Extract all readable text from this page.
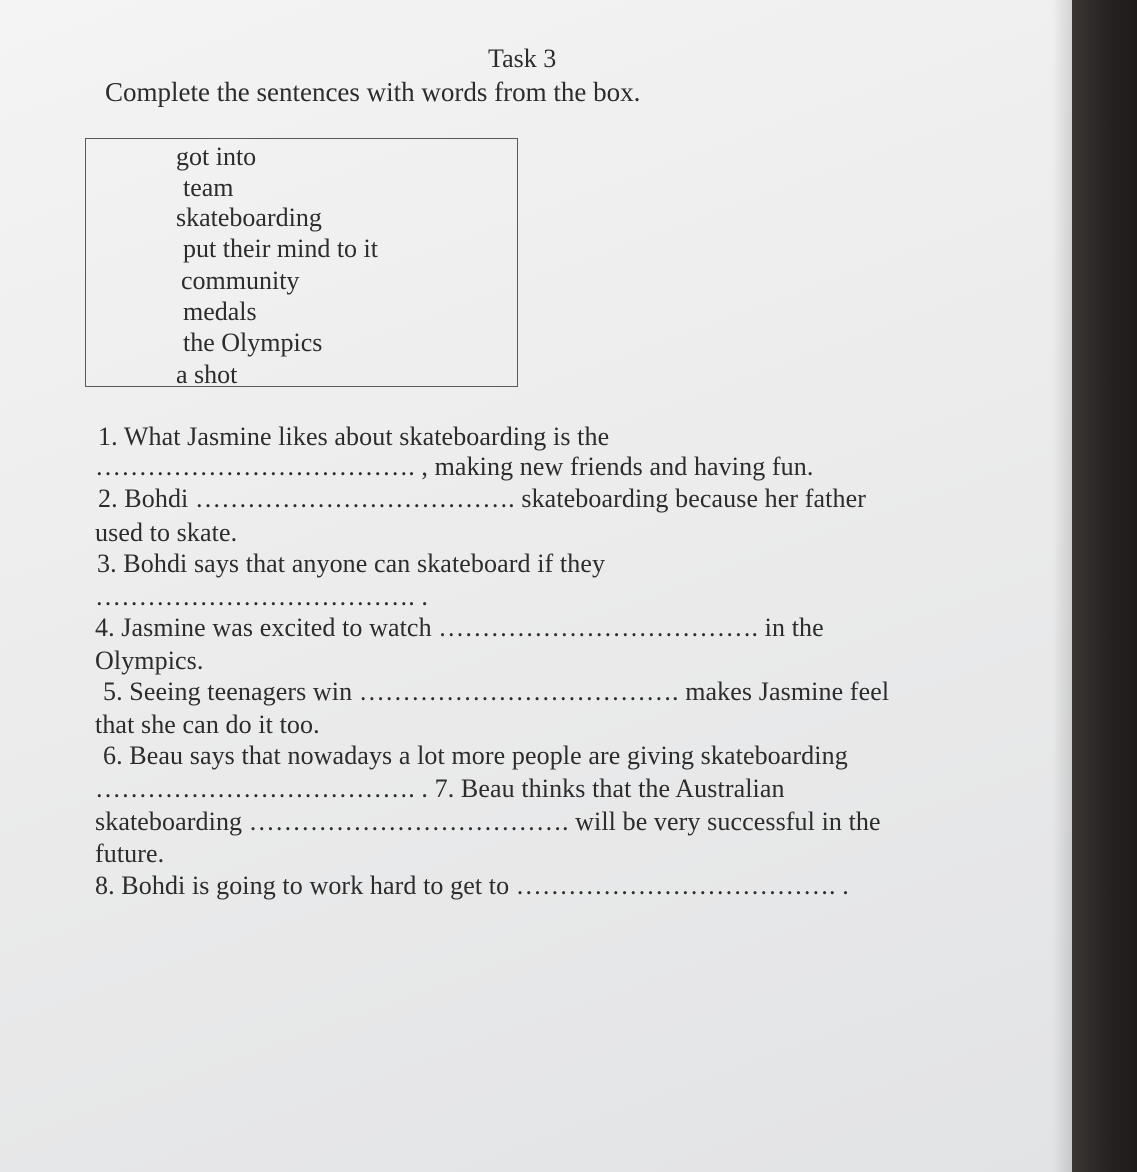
Task 3
Complete the sentences with words from the box.
got into
team
skateboarding
put their mind to it
community
medals
the Olympics
a shot
1. What Jasmine likes about skateboarding is the
………………………………. , making new friends and having fun.
2. Bohdi ………………………………. skateboarding because her father
used to skate.
3. Bohdi says that anyone can skateboard if they
………………………………. .
4. Jasmine was excited to watch ………………………………. in the
Olympics.
5. Seeing teenagers win ………………………………. makes Jasmine feel
that she can do it too.
6. Beau says that nowadays a lot more people are giving skateboarding
………………………………. . 7. Beau thinks that the Australian
skateboarding ………………………………. will be very successful in the
future.
8. Bohdi is going to work hard to get to ………………………………. .
